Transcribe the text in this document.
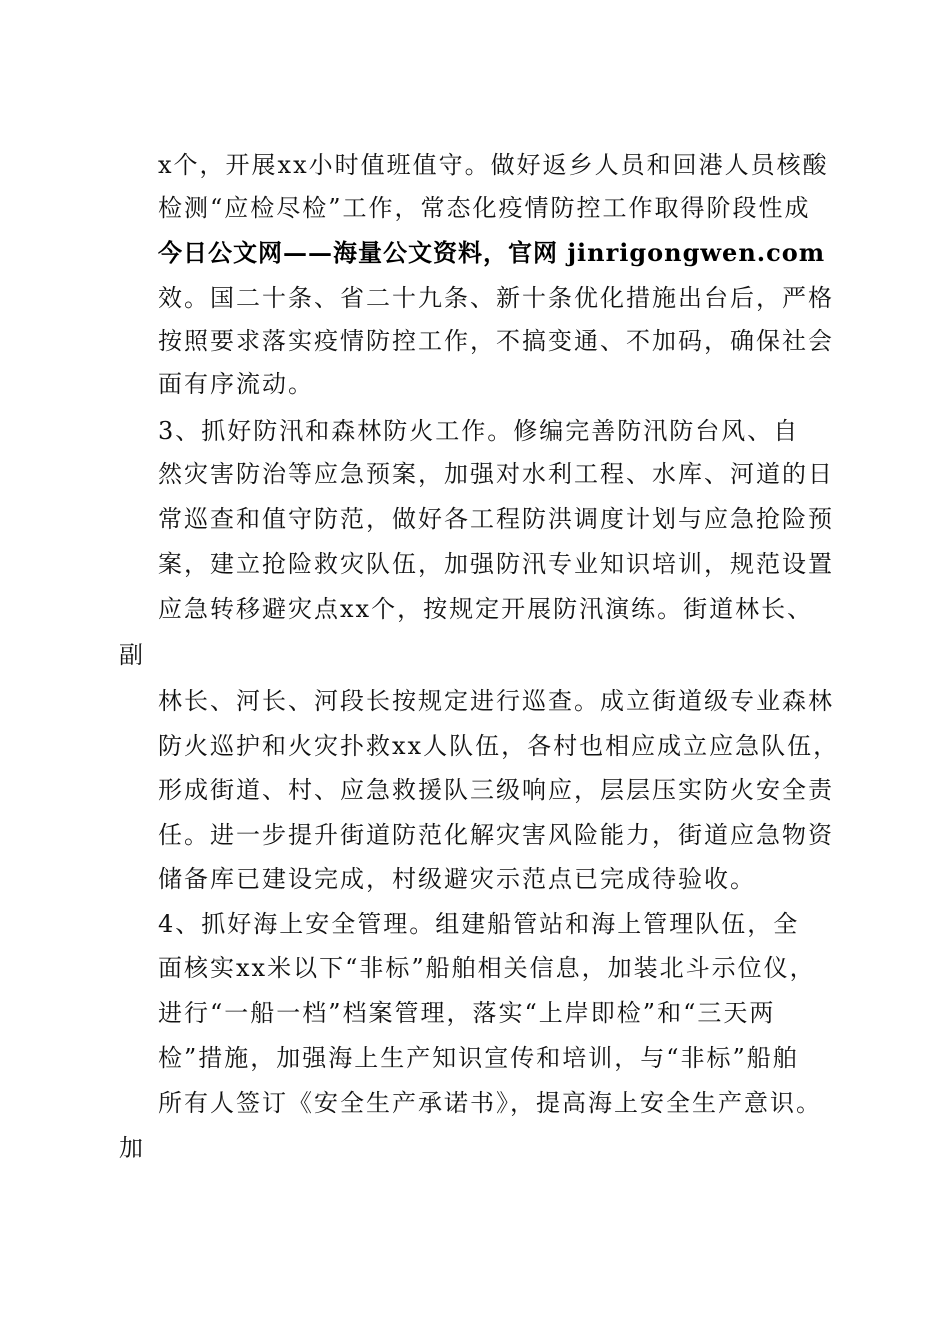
x个，开展xx小时值班值守。做好返乡人员和回港人员核酸
检测“应检尽检”工作，常态化疫情防控工作取得阶段性成
今日公文网——海量公文资料，官网 jinrigongwen.com
效。国二十条、省二十九条、新十条优化措施出台后，严格
按照要求落实疫情防控工作，不搞变通、不加码，确保社会
面有序流动。
3、抓好防汛和森林防火工作。修编完善防汛防台风、自
然灾害防治等应急预案，加强对水利工程、水库、河道的日
常巡查和值守防范，做好各工程防洪调度计划与应急抢险预
案，建立抢险救灾队伍，加强防汛专业知识培训，规范设置
应急转移避灾点xx个，按规定开展防汛演练。街道林长、
副
林长、河长、河段长按规定进行巡查。成立街道级专业森林
防火巡护和火灾扑救xx人队伍，各村也相应成立应急队伍，
形成街道、村、应急救援队三级响应，层层压实防火安全责
任。进一步提升街道防范化解灾害风险能力，街道应急物资
储备库已建设完成，村级避灾示范点已完成待验收。
4、抓好海上安全管理。组建船管站和海上管理队伍，全
面核实xx米以下“非标”船舶相关信息，加装北斗示位仪，
进行“一船一档”档案管理，落实“上岸即检”和“三天两
检”措施，加强海上生产知识宣传和培训，与“非标”船舶
所有人签订《安全生产承诺书》，提高海上安全生产意识。
加
